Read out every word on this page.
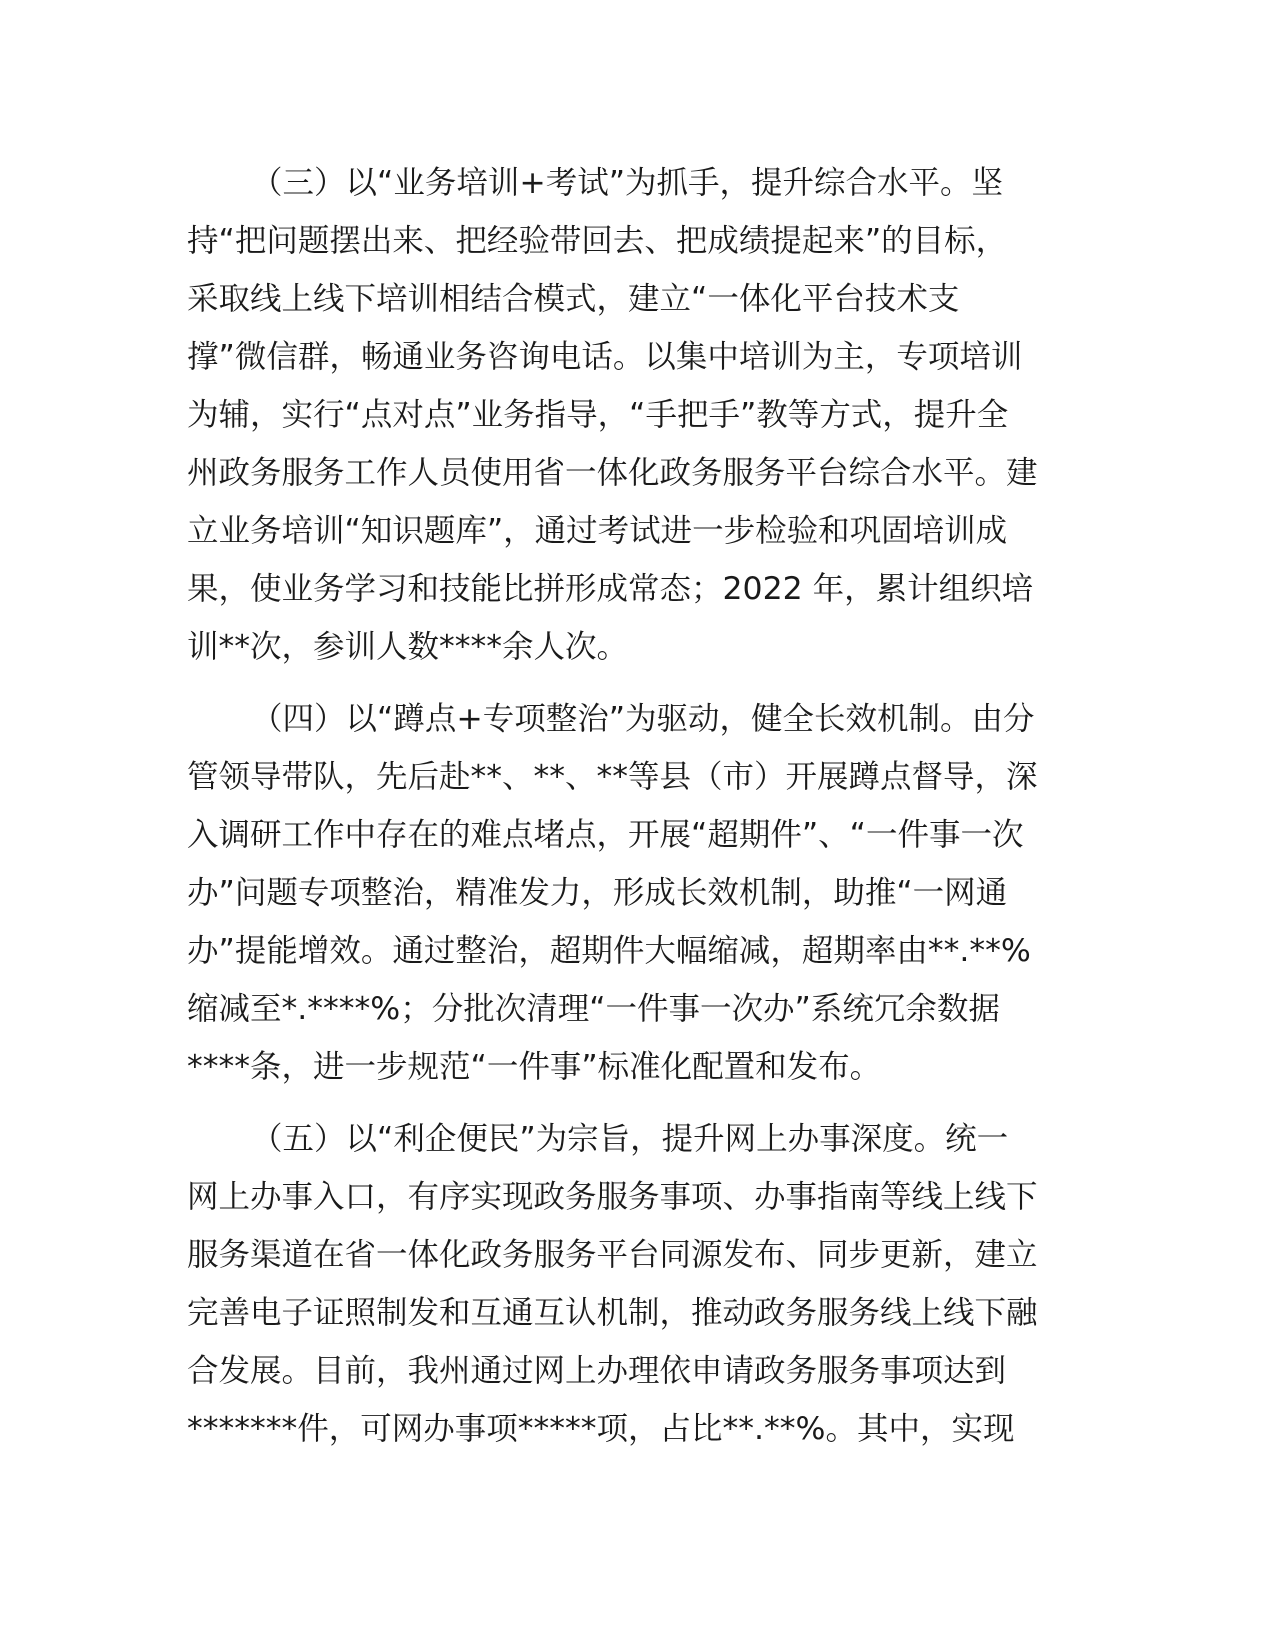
（三）以“业务培训+考试”为抓手，提升综合水平。坚
持“把问题摆出来、把经验带回去、把成绩提起来”的目标，
采取线上线下培训相结合模式，建立“一体化平台技术支
撑”微信群，畅通业务咨询电话。以集中培训为主，专项培训
为辅，实行“点对点”业务指导，“手把手”教等方式，提升全
州政务服务工作人员使用省一体化政务服务平台综合水平。建
立业务培训“知识题库”，通过考试进一步检验和巩固培训成
果，使业务学习和技能比拼形成常态；2022 年，累计组织培
训**次，参训人数****余人次。
（四）以“蹲点+专项整治”为驱动，健全长效机制。由分
管领导带队，先后赴**、**、**等县（市）开展蹲点督导，深
入调研工作中存在的难点堵点，开展“超期件”、“一件事一次
办”问题专项整治，精准发力，形成长效机制，助推“一网通
办”提能增效。通过整治，超期件大幅缩减，超期率由**.**%
缩减至*.****%；分批次清理“一件事一次办”系统冗余数据
****条，进一步规范“一件事”标准化配置和发布。
（五）以“利企便民”为宗旨，提升网上办事深度。统一
网上办事入口，有序实现政务服务事项、办事指南等线上线下
服务渠道在省一体化政务服务平台同源发布、同步更新，建立
完善电子证照制发和互通互认机制，推动政务服务线上线下融
合发展。目前，我州通过网上办理依申请政务服务事项达到
*******件，可网办事项*****项，占比**.**%。其中，实现
